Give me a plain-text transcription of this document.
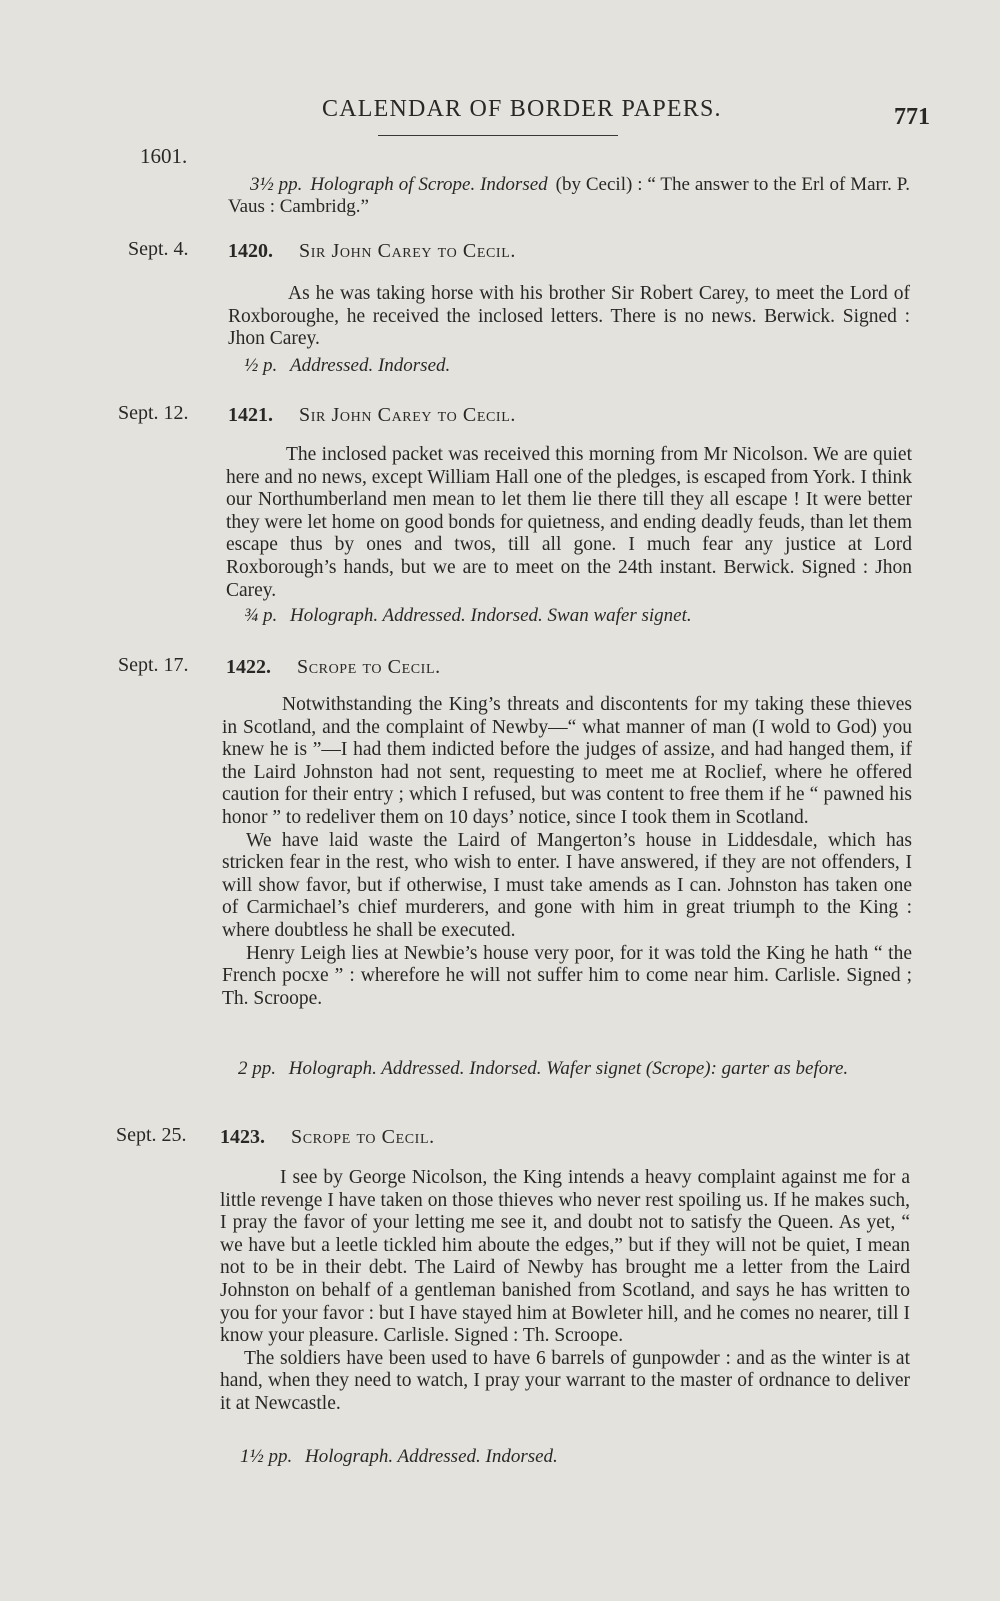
CALENDAR OF BORDER PAPERS.	771
1601.

3½ pp. Holograph of Scrope. Indorsed (by Cecil) : “ The answer to the Erl of Marr. P. Vaus : Cambridg.”

Sept. 4. 1420. Sir John Carey to Cecil.

As he was taking horse with his brother Sir Robert Carey, to meet the Lord of Roxboroughe, he received the inclosed letters. There is no news. Berwick. Signed : Jhon Carey.

½ p. Addressed. Indorsed.
Sept. 12. 1421. Sir John Carey to Cecil.

The inclosed packet was received this morning from Mr Nicolson. We are quiet here and no news, except William Hall one of the pledges, is escaped from York. I think our Northumberland men mean to let them lie there till they all escape ! It were better they were let home on good bonds for quietness, and ending deadly feuds, than let them escape thus by ones and twos, till all gone. I much fear any justice at Lord Roxborough’s hands, but we are to meet on the 24th instant. Berwick. Signed : Jhon Carey.

¾ p. Holograph. Addressed. Indorsed. Swan wafer signet.
Sept. 17. 1422. Scrope to Cecil.

Notwithstanding the King’s threats and discontents for my taking these thieves in Scotland, and the complaint of Newby—“ what manner of man (I wold to God) you knew he is ”—I had them indicted before the judges of assize, and had hanged them, if the Laird Johnston had not sent, requesting to meet me at Roclief, where he offered caution for their entry ; which I refused, but was content to free them if he “ pawned his honor ” to redeliver them on 10 days’ notice, since I took them in Scotland.

We have laid waste the Laird of Mangerton’s house in Liddesdale, which has stricken fear in the rest, who wish to enter. I have answered, if they are not offenders, I will show favor, but if otherwise, I must take amends as I can. Johnston has taken one of Carmichael’s chief murderers, and gone with him in great triumph to the King : where doubtless he shall be executed.

Henry Leigh lies at Newbie’s house very poor, for it was told the King he hath “ the French pocxe ” : wherefore he will not suffer him to come near him. Carlisle. Signed ; Th. Scroope.

2 pp. Holograph. Addressed. Indorsed. Wafer signet (Scrope): garter as before.

Sept. 25. 1423. Scrope to Cecil.

I see by George Nicolson, the King intends a heavy complaint against me for a little revenge I have taken on those thieves who never rest spoiling us. If he makes such, I pray the favor of your letting me see it, and doubt not to satisfy the Queen. As yet, “ we have but a leetle tickled him aboute the edges,” but if they will not be quiet, I mean not to be in their debt. The Laird of Newby has brought me a letter from the Laird Johnston on behalf of a gentleman banished from Scotland, and says he has written to you for your favor : but I have stayed him at Bowleter hill, and he comes no nearer, till I know your pleasure. Carlisle. Signed : Th. Scroope.

The soldiers have been used to have 6 barrels of gunpowder : and as the winter is at hand, when they need to watch, I pray your warrant to the master of ordnance to deliver it at Newcastle.

1½ pp. Holograph. Addressed. Indorsed.
